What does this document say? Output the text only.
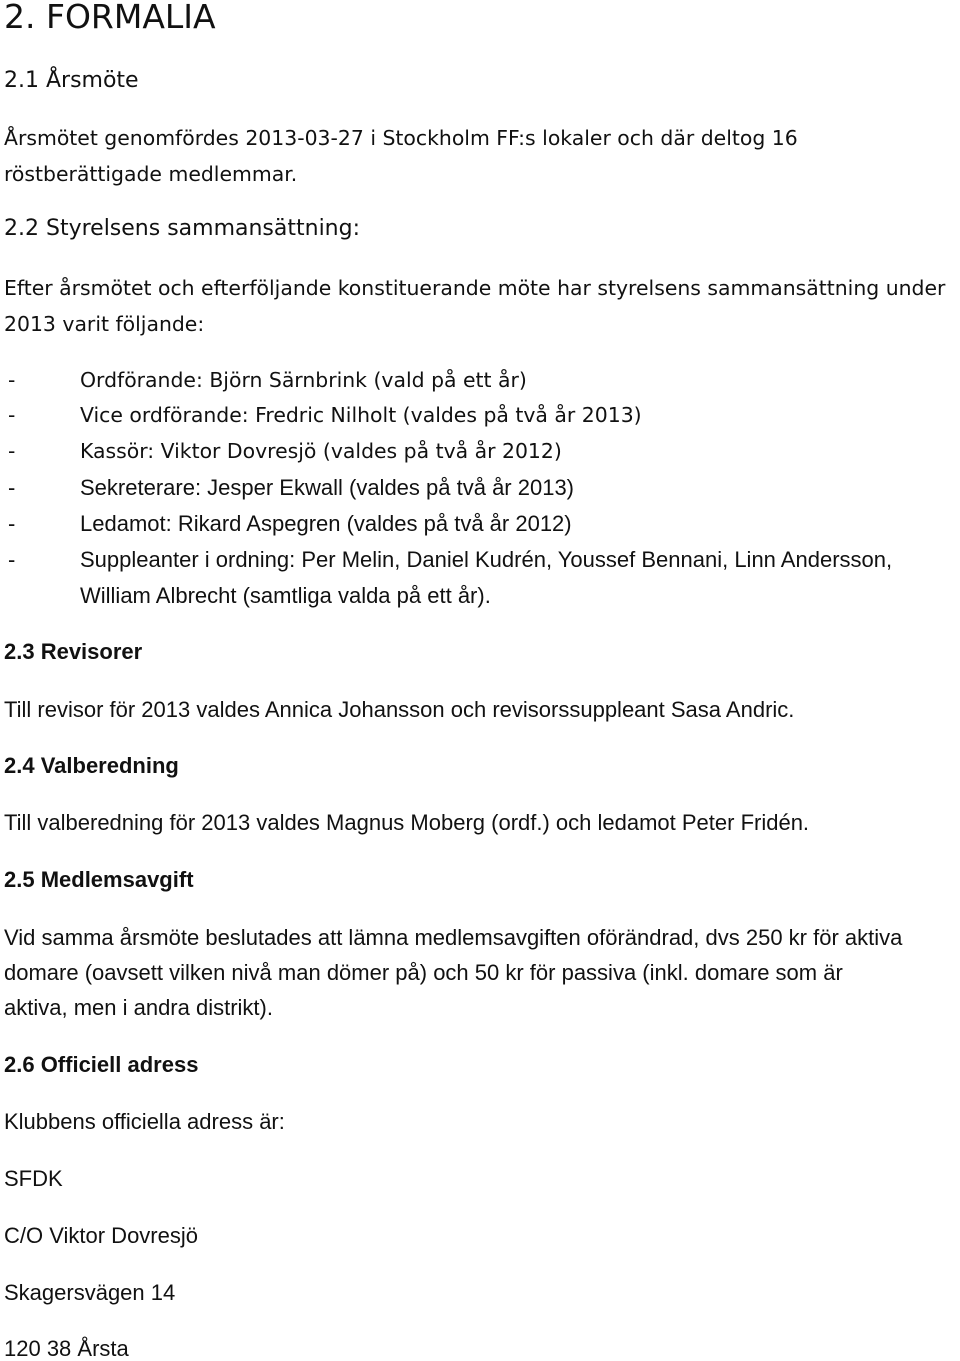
2. FORMALIA
2.1 Årsmöte
Årsmötet genomfördes 2013-03-27 i Stockholm FF:s lokaler och där deltog 16
röstberättigade medlemmar.
2.2 Styrelsens sammansättning:
Efter årsmötet och efterföljande konstituerande möte har styrelsens sammansättning under
2013 varit följande:
-	Ordförande: Björn Särnbrink (vald på ett år)
-	Vice ordförande: Fredric Nilholt (valdes på två år 2013)
-	Kassör: Viktor Dovresjö (valdes på två år 2012)
-	Sekreterare: Jesper Ekwall (valdes på två år 2013)
-	Ledamot: Rikard Aspegren (valdes på två år 2012)
-	Suppleanter i ordning: Per Melin, Daniel Kudrén, Youssef Bennani, Linn Andersson,
William Albrecht (samtliga valda på ett år).
2.3 Revisorer
Till revisor för 2013 valdes Annica Johansson och revisorssuppleant Sasa Andric.
2.4 Valberedning
Till valberedning för 2013 valdes Magnus Moberg (ordf.) och ledamot Peter Fridén.
2.5 Medlemsavgift
Vid samma årsmöte beslutades att lämna medlemsavgiften oförändrad, dvs 250 kr för aktiva
domare (oavsett vilken nivå man dömer på) och 50 kr för passiva (inkl. domare som är
aktiva, men i andra distrikt).
2.6 Officiell adress
Klubbens officiella adress är:
SFDK
C/O Viktor Dovresjö
Skagersvägen 14
120 38 Årsta
